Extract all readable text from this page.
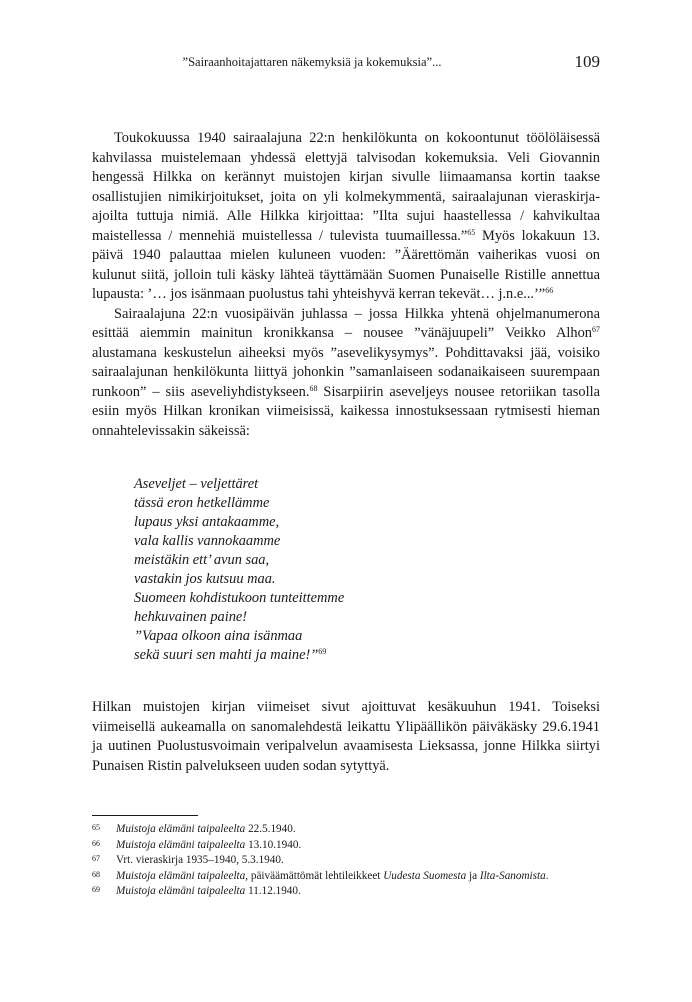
”Sairaanhoitajattaren näkemyksiä ja kokemuksia”...	109

Toukokuussa 1940 sairaalajuna 22:n henkilökunta on kokoontunut töölöläisessä kahvilassa muistelemaan yhdessä elettyjä talvisodan kokemuksia. Veli Giovannin hengessä Hilkka on kerännyt muistojen kirjan sivulle liimaamansa kortin taakse osallistujien nimikirjoitukset, joita on yli kolmekymmentä, sairaalajunan vieraskirja-ajoilta tuttuja nimiä. Alle Hilkka kirjoittaa: ”Ilta sujui haastellessa / kahvikultaa maistellessa / mennehiä muistellessa / tulevista tuumaillessa.”$^{65}$ Myös lokakuun 13. päivä 1940 palauttaa mielen kuluneen vuoden: ”Äärettömän vaiherikas vuosi on kulunut siitä, jolloin tuli käsky lähteä täyttämään Suomen Punaiselle Ristille annettua lupausta: ’… jos isänmaan puolustus tahi yhteishyvä kerran tekevät… j.n.e...’”$^{66}$

Sairaalajuna 22:n vuosipäivän juhlassa – jossa Hilkka yhtenä ohjelmanumerona esittää aiemmin mainitun kronikkansa – nousee ”vänäjuupeli” Veikko Alhon$^{67}$ alustamana keskustelun aiheeksi myös ”asevelikysymys”. Pohdittavaksi jää, voisiko sairaalajunan henkilökunta liittyä johonkin ”samanlaiseen sodanaikaiseen suurempaan runkoon” – siis aseveliyhdistykseen.$^{68}$ Sisarpiirin aseveljeys nousee retoriikan tasolla esiin myös Hilkan kronikan viimeisissä, kaikessa innostuksessaan rytmisesti hieman onnahtelevissakin säkeissä:

Aseveljet – veljettäret
tässä eron hetkellämme
lupaus yksi antakaamme,
vala kallis vannokaamme
meistäkin ett’ avun saa,
vastakin jos kutsuu maa.
Suomeen kohdistukoon tunteittemme
hehkuvainen paine!
”Vapaa olkoon aina isänmaa
sekä suuri sen mahti ja maine!”$^{69}$

Hilkan muistojen kirjan viimeiset sivut ajoittuvat kesäkuuhun 1941. Toiseksi viimeisellä aukeamalla on sanomalehdestä leikattu Ylipäällikön päiväkäsky 29.6.1941 ja uutinen Puolustusvoimain veripalvelun avaamisesta Lieksassa, jonne Hilkka siirtyi Punaisen Ristin palvelukseen uuden sodan sytyttyä.

65 Muistoja elämäni taipaleelta 22.5.1940.
66 Muistoja elämäni taipaleelta 13.10.1940.
67 Vrt. vieraskirja 1935–1940, 5.3.1940.
68 Muistoja elämäni taipaleelta, päiväämättömät lehtileikkeet Uudesta Suomesta ja Ilta-Sanomista.
69 Muistoja elämäni taipaleelta 11.12.1940.
